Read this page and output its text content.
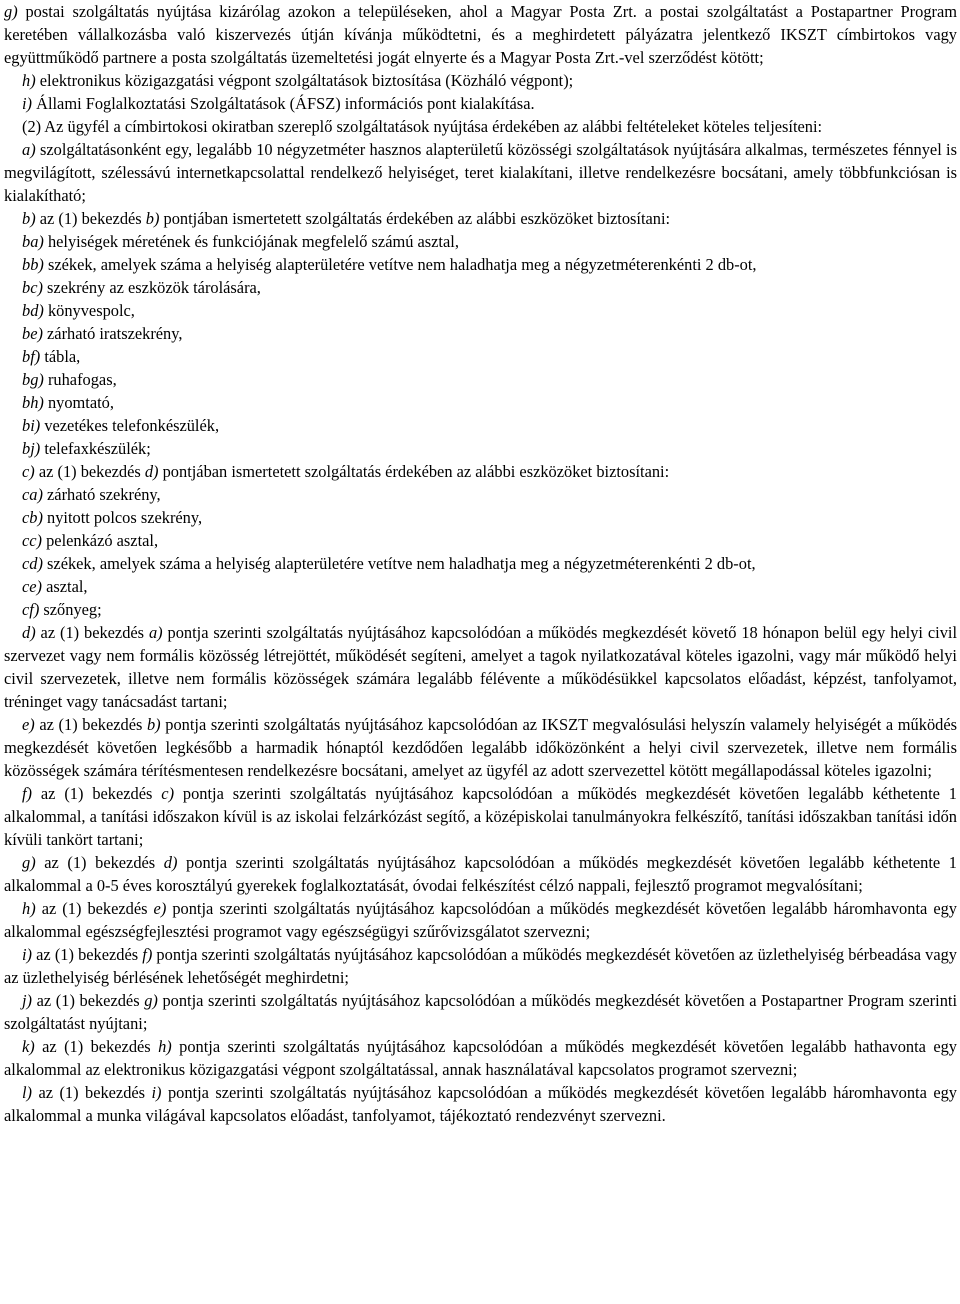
g) postai szolgáltatás nyújtása kizárólag azokon a településeken, ahol a Magyar Posta Zrt. a postai szolgáltatást a Postapartner Program keretében vállalkozásba való kiszervezés útján kívánja működtetni, és a meghirdetett pályázatra jelentkező IKSZT címbirtokos vagy együttműködő partnere a posta szolgáltatás üzemeltetési jogát elnyerte és a Magyar Posta Zrt.-vel szerződést kötött;

h) elektronikus közigazgatási végpont szolgáltatások biztosítása (Közháló végpont);

i) Állami Foglalkoztatási Szolgáltatások (ÁFSZ) információs pont kialakítása.

(2) Az ügyfél a címbirtokosi okiratban szereplő szolgáltatások nyújtása érdekében az alábbi feltételeket köteles teljesíteni:

a) szolgáltatásonként egy, legalább 10 négyzetméter hasznos alapterületű közösségi szolgáltatások nyújtására alkalmas, természetes fénnyel is megvilágított, szélessávú internetkapcsolattal rendelkező helyiséget, teret kialakítani, illetve rendelkezésre bocsátani, amely többfunkciósan is kialakítható;

b) az (1) bekezdés b) pontjában ismertetett szolgáltatás érdekében az alábbi eszközöket biztosítani:

ba) helyiségek méretének és funkciójának megfelelő számú asztal,

bb) székek, amelyek száma a helyiség alapterületére vetítve nem haladhatja meg a négyzetméterenkénti 2 db-ot,

bc) szekrény az eszközök tárolására,

bd) könyvespolc,

be) zárható iratszekrény,

bf) tábla,

bg) ruhafogas,

bh) nyomtató,

bi) vezetékes telefonkészülék,

bj) telefaxkészülék;

c) az (1) bekezdés d) pontjában ismertetett szolgáltatás érdekében az alábbi eszközöket biztosítani:

ca) zárható szekrény,

cb) nyitott polcos szekrény,

cc) pelenkázó asztal,

cd) székek, amelyek száma a helyiség alapterületére vetítve nem haladhatja meg a négyzetméterenkénti 2 db-ot,

ce) asztal,

cf) szőnyeg;

d) az (1) bekezdés a) pontja szerinti szolgáltatás nyújtásához kapcsolódóan a működés megkezdését követő 18 hónapon belül egy helyi civil szervezet vagy nem formális közösség létrejöttét, működését segíteni, amelyet a tagok nyilatkozatával köteles igazolni, vagy már működő helyi civil szervezetek, illetve nem formális közösségek számára legalább félévente a működésükkel kapcsolatos előadást, képzést, tanfolyamot, tréninget vagy tanácsadást tartani;

e) az (1) bekezdés b) pontja szerinti szolgáltatás nyújtásához kapcsolódóan az IKSZT megvalósulási helyszín valamely helyiségét a működés megkezdését követően legkésőbb a harmadik hónaptól kezdődően legalább időközönként a helyi civil szervezetek, illetve nem formális közösségek számára térítésmentesen rendelkezésre bocsátani, amelyet az ügyfél az adott szervezettel kötött megállapodással köteles igazolni;

f) az (1) bekezdés c) pontja szerinti szolgáltatás nyújtásához kapcsolódóan a működés megkezdését követően legalább kéthetente 1 alkalommal, a tanítási időszakon kívül is az iskolai felzárkózást segítő, a középiskolai tanulmányokra felkészítő, tanítási időszakban tanítási időn kívüli tankört tartani;

g) az (1) bekezdés d) pontja szerinti szolgáltatás nyújtásához kapcsolódóan a működés megkezdését követően legalább kéthetente 1 alkalommal a 0-5 éves korosztályú gyerekek foglalkoztatását, óvodai felkészítést célzó nappali, fejlesztő programot megvalósítani;

h) az (1) bekezdés e) pontja szerinti szolgáltatás nyújtásához kapcsolódóan a működés megkezdését követően legalább háromhavonta egy alkalommal egészségfejlesztési programot vagy egészségügyi szűrővizsgálatot szervezni;

i) az (1) bekezdés f) pontja szerinti szolgáltatás nyújtásához kapcsolódóan a működés megkezdését követően az üzlethelyiség bérbeadása vagy az üzlethelyiség bérlésének lehetőségét meghirdetni;

j) az (1) bekezdés g) pontja szerinti szolgáltatás nyújtásához kapcsolódóan a működés megkezdését követően a Postapartner Program szerinti szolgáltatást nyújtani;

k) az (1) bekezdés h) pontja szerinti szolgáltatás nyújtásához kapcsolódóan a működés megkezdését követően legalább hathavonta egy alkalommal az elektronikus közigazgatási végpont szolgáltatással, annak használatával kapcsolatos programot szervezni;

l) az (1) bekezdés i) pontja szerinti szolgáltatás nyújtásához kapcsolódóan a működés megkezdését követően legalább háromhavonta egy alkalommal a munka világával kapcsolatos előadást, tanfolyamot, tájékoztató rendezvényt szervezni.
